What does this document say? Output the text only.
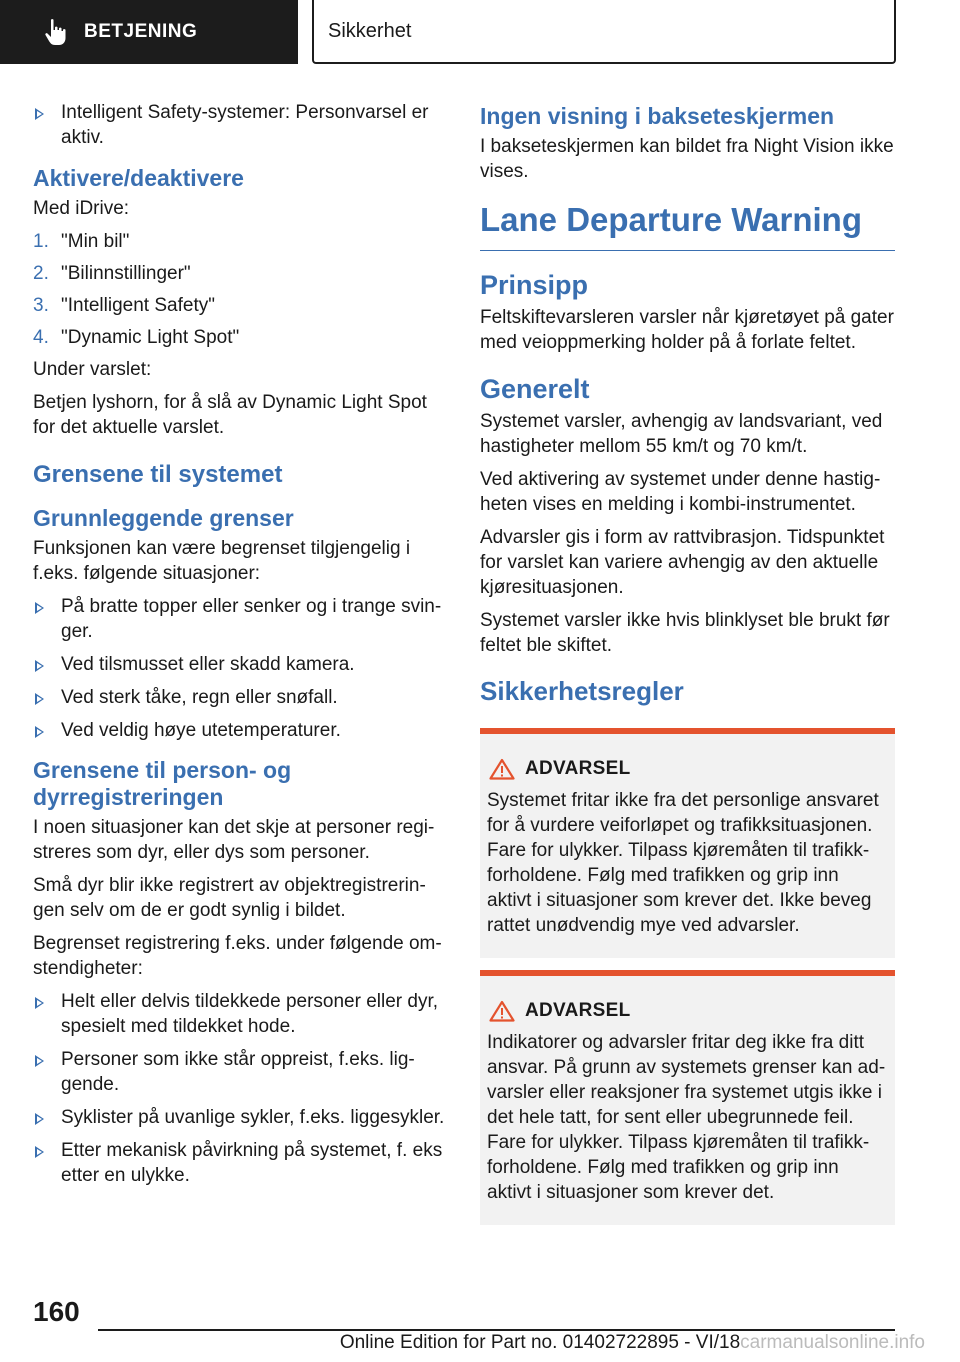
BETJENING	Sikkerhet
Intelligent Safety-systemer: Personvarsel er aktiv.
Aktivere/deaktivere

Med iDrive:

1. "Min bil"
2. "Bilinnstillinger"
3. "Intelligent Safety"
4. "Dynamic Light Spot"

Under varslet:

Betjen lyshorn, for å slå av Dynamic Light Spot for det aktuelle varslet.

Grensene til systemet
Grunnleggende grenser

Funksjonen kan være begrenset tilgjengelig i f.eks. følgende situasjoner:

På bratte topper eller senker og i trange svin- ger.
Ved tilsmusset eller skadd kamera.
Ved sterk tåke, regn eller snøfall.
Ved veldig høye utetemperaturer.
Grensene til person- og dyrregistreringen

I noen situasjoner kan det skje at personer regi- streres som dyr, eller dys som personer.

Små dyr blir ikke registrert av objektregistrerin- gen selv om de er godt synlig i bildet.

Begrenset registrering f.eks. under følgende om- stendigheter:

Helt eller delvis tildekkede personer eller dyr, spesielt med tildekket hode.
Personer som ikke står oppreist, f.eks. lig- gende.
Syklister på uvanlige sykler, f.eks. liggesykler.
Etter mekanisk påvirkning på systemet, f. eks etter en ulykke.
Ingen visning i bakseteskjermen

I bakseteskjermen kan bildet fra Night Vision ikke vises.

Lane Departure Warning
Prinsipp

Feltskiftevarsleren varsler når kjøretøyet på gater med veioppmerking holder på å forlate feltet.

Generelt

Systemet varsler, avhengig av landsvariant, ved hastigheter mellom 55 km/t og 70 km/t.

Ved aktivering av systemet under denne hastig- heten vises en melding i kombi-instrumentet.

Advarsler gis i form av rattvibrasjon. Tidspunktet for varslet kan variere avhengig av den aktuelle kjøresituasjonen.

Systemet varsler ikke hvis blinklyset ble brukt før feltet ble skiftet.

Sikkerhetsregler
ADVARSEL

Systemet fritar ikke fra det personlige ansvaret for å vurdere veiforløpet og trafikksituasjonen. Fare for ulykker. Tilpass kjøremåten til trafikk- forholdene. Følg med trafikken og grip inn aktivt i situasjoner som krever det. Ikke beveg rattet unødvendig mye ved advarsler.

ADVARSEL

Indikatorer og advarsler fritar deg ikke fra ditt ansvar. På grunn av systemets grenser kan ad- varsler eller reaksjoner fra systemet utgis ikke i det hele tatt, for sent eller ubegrunnede feil. Fare for ulykker. Tilpass kjøremåten til trafikk- forholdene. Følg med trafikken og grip inn aktivt i situasjoner som krever det.

160
Online Edition for Part no. 01402722895 - VI/18carmanualsonline.info
